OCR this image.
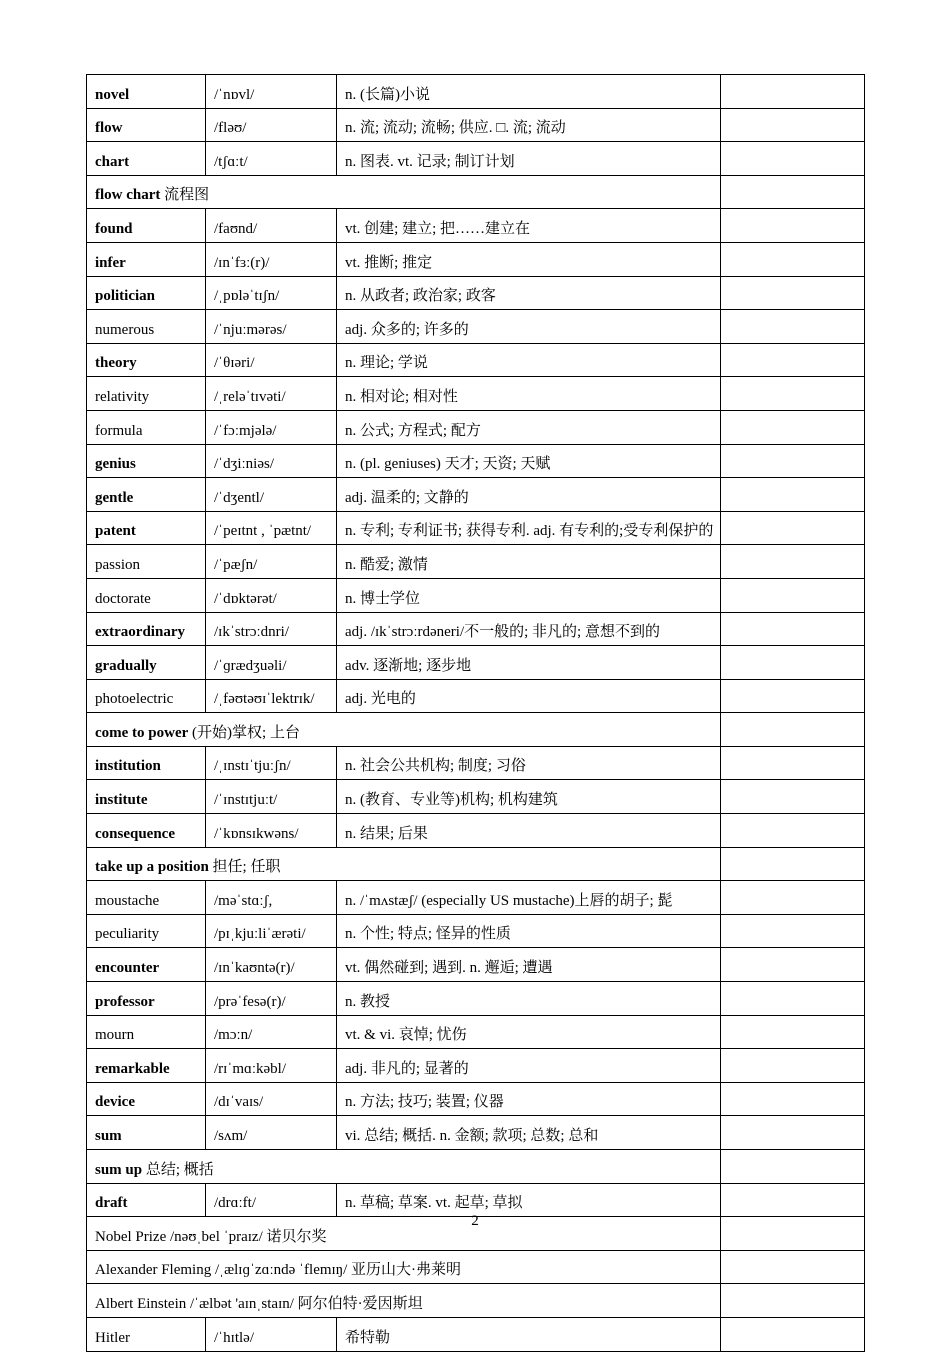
novel	/ˈnɒvl/	n. (长篇)小说	
flow	/fləʊ/	n. 流; 流动; 流畅; 供应. □. 流; 流动	
chart	/tʃɑːt/	n. 图表. vt. 记录; 制订计划	
flow chart 流程图			
found	/faʊnd/	vt. 创建; 建立; 把……建立在	
infer	/ɪnˈfɜː(r)/	vt. 推断; 推定	
politician	/ˌpɒləˈtɪʃn/	n. 从政者; 政治家; 政客	
numerous	/ˈnjuːmərəs/	adj. 众多的; 许多的	
theory	/ˈθɪəri/	n. 理论; 学说	
relativity	/ˌreləˈtɪvəti/	n. 相对论; 相对性	
formula	/ˈfɔːmjələ/	n. 公式; 方程式; 配方	
genius	/ˈdʒiːniəs/	n. (pl. geniuses) 天才; 天资; 天赋	
gentle	/ˈdʒentl/	adj. 温柔的; 文静的	
patent	/ˈpeɪtnt , ˈpætnt/	n. 专利; 专利证书; 获得专利. adj. 有专利的;受专利保护的	
passion	/ˈpæʃn/	n. 酷爱; 激情	
doctorate	/ˈdɒktərət/	n. 博士学位	
extraordinary	/ɪkˈstrɔːdnri/	adj. /ɪkˈstrɔːrdəneri/不一般的; 非凡的; 意想不到的	
gradually	/ˈɡrædʒuəli/	adv. 逐渐地; 逐步地	
photoelectric	/ˌfəʊtəʊɪˈlektrɪk/	adj. 光电的	
come to power (开始)掌权; 上台			
institution	/ˌɪnstɪˈtjuːʃn/	n. 社会公共机构; 制度; 习俗	
institute	/ˈɪnstɪtjuːt/	n. (教育、专业等)机构; 机构建筑	
consequence	/ˈkɒnsɪkwəns/	n. 结果; 后果	
take up a position 担任; 任职			
moustache	/məˈstɑːʃ,	n. /ˈmʌstæʃ/ (especially US mustache)上唇的胡子; 髭	
peculiarity	/pɪˌkjuːliˈærəti/	n. 个性; 特点; 怪异的性质	
encounter	/ɪnˈkaʊntə(r)/	vt. 偶然碰到; 遇到. n. 邂逅; 遭遇	
professor	/prəˈfesə(r)/	n. 教授	
mourn	/mɔːn/	vt. & vi. 哀悼; 忧伤	
remarkable	/rɪˈmɑːkəbl/	adj. 非凡的; 显著的	
device	/dɪˈvaɪs/	n. 方法; 技巧; 装置; 仪器	
sum	/sʌm/	vi. 总结; 概括. n. 金额; 款项; 总数; 总和	
sum up 总结; 概括			
draft	/drɑːft/	n. 草稿; 草案. vt. 起草; 草拟	
Nobel Prize /nəʊˌbel ˈpraɪz/ 诺贝尔奖			
Alexander Fleming /ˌælɪɡˈzɑːndə ˈflemɪŋ/ 亚历山大·弗莱明			
Albert Einstein /ˈælbət 'aɪnˌstaɪn/ 阿尔伯特·爱因斯坦			
Hitler	/ˈhɪtlə/	希特勒	
2
